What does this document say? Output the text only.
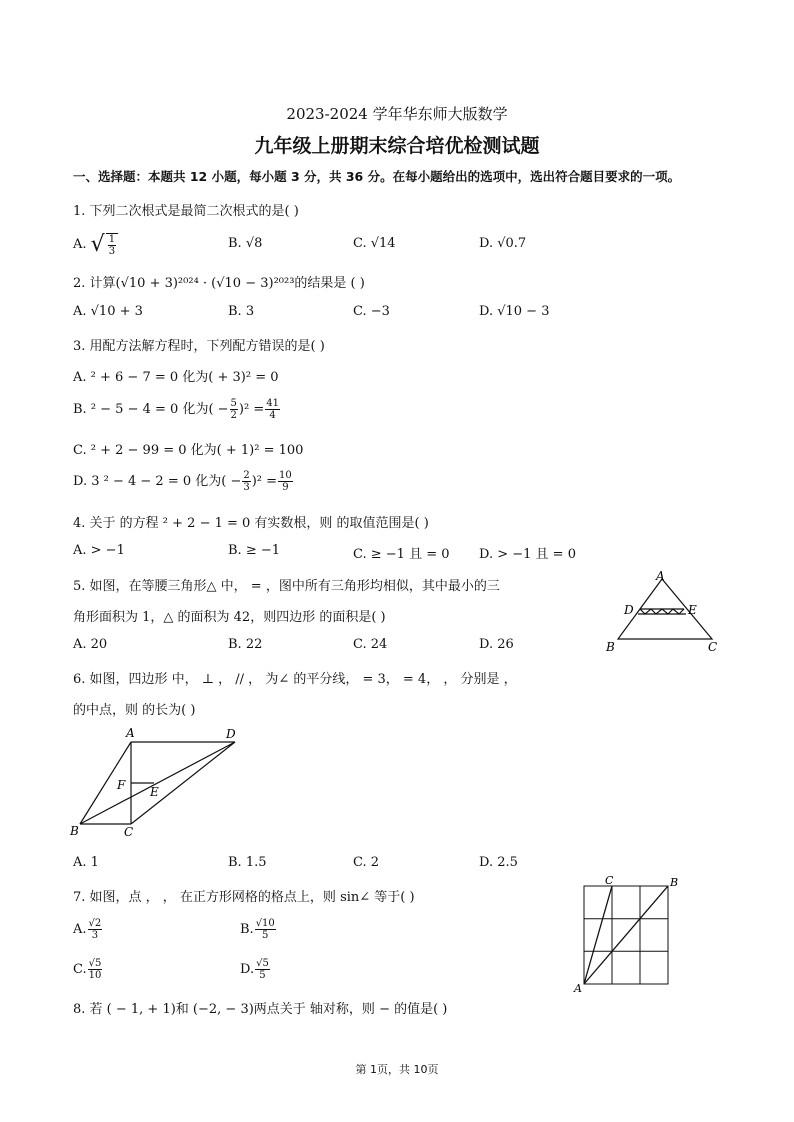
2023-2024 学年华东师大版数学
九年级上册期末综合培优检测试题
一、选择题：本题共 12 小题，每小题 3 分，共 36 分。在每小题给出的选项中，选出符合题目要求的一项。
1. 下列二次根式是最简二次根式的是( )
A. √ $\frac{1}{3}$	B. √8	C. √14	D. √0.7
2. 计算(√10 + 3)²⁰²⁴ · (√10 − 3)²⁰²³的结果是 ( )
A. √10 + 3	B. 3	C. −3	D. √10 − 3
3. 用配方法解方程时，下列配方错误的是( )
A. ² + 6 − 7 = 0 化为( + 3)² = 0
B. ² − 5 − 4 = 0 化为( − $\frac{5}{2} )^2 = \frac{41}{4}$
C. ² + 2 − 99 = 0 化为( + 1)² = 100
D. 3 ² − 4 − 2 = 0 化为( − $\frac{2}{3} )^2 = \frac{10}{9}$
4. 关于 的方程 ² + 2 − 1 = 0 有实数根，则 的取值范围是( )
A. > −1	B. ≥ −1	C. ≥ −1 且 = 0 D. > −1 且 = 0
5. 如图，在等腰三角形△ 中， = ，图中所有三角形均相似，其中最小的三
角形面积为 1，△ 的面积为 42，则四边形 的面积是( )
A. 20	B. 22	C. 24	D. 26
A
D	E
B	C
6. 如图，四边形 中， ⊥ ， // ， 为∠ 的平分线， = 3， = 4， ， 分别是 ，
的中点，则 的长为( )
A	D
F E
B	C
A. 1	B. 1.5	C. 2	D. 2.5
7. 如图，点 ， ， 在正方形网格的格点上，则 sin∠ 等于( )
A. $\frac{√2}{3}$	B. $\frac{√10}{5}$
C. $\frac{√5}{10}$	D. $\frac{√5}{5}$
C	B
A
8. 若 ( − 1, + 1)和 (−2, − 3)两点关于 轴对称，则 − 的值是( )
第 1页，共 10页
